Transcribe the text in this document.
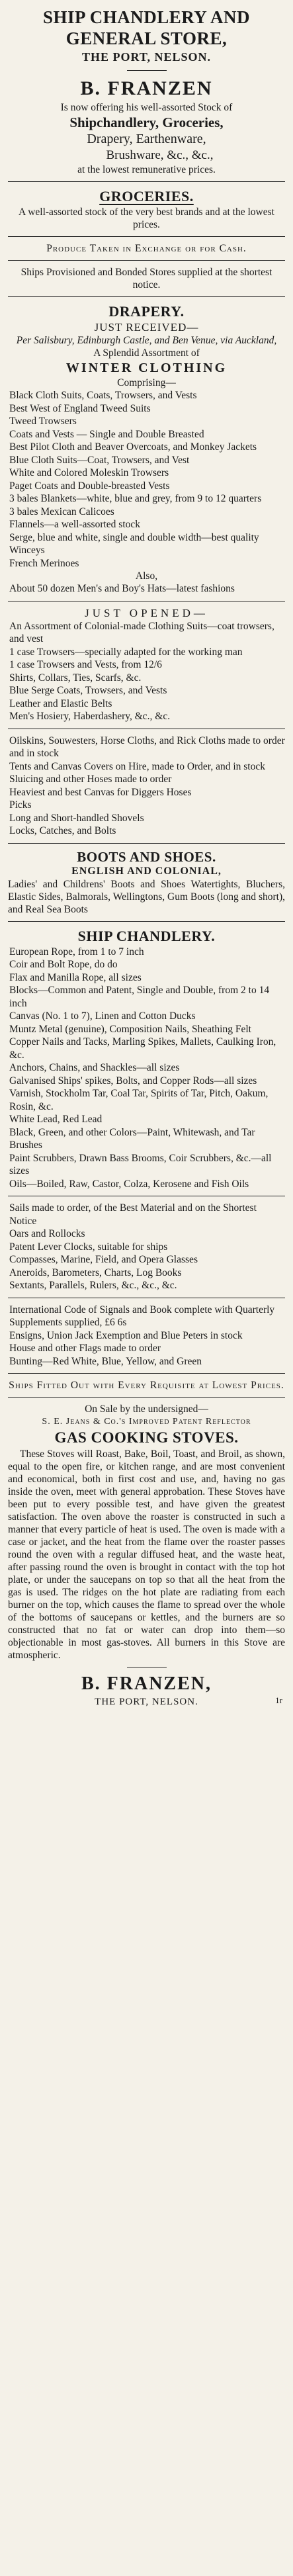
SHIP CHANDLERY AND
GENERAL STORE,
THE PORT, NELSON.
B. FRANZEN
Is now offering his well-assorted Stock of
Shipchandlery, Groceries,
Drapery, Earthenware,
Brushware, &c., &c.,
at the lowest remunerative prices.
GROCERIES.
A well-assorted stock of the very best brands and at the lowest prices.
Produce Taken in Exchange or for Cash.
Ships Provisioned and Bonded Stores supplied at the shortest notice.
DRAPERY.
JUST RECEIVED—
Per Salisbury, Edinburgh Castle, and Ben Venue, via Auckland,
A Splendid Assortment of
WINTER CLOTHING
Comprising—
Black Cloth Suits, Coats, Trowsers, and Vests
Best West of England Tweed Suits
Tweed Trowsers
Coats and Vests — Single and Double Breasted
Best Pilot Cloth and Beaver Overcoats, and Monkey Jackets
Blue Cloth Suits—Coat, Trowsers, and Vest
White and Colored Moleskin Trowsers
Paget Coats and Double-breasted Vests
3 bales Blankets—white, blue and grey, from 9 to 12 quarters
3 bales Mexican Calicoes
Flannels—a well-assorted stock
Serge, blue and white, single and double width—best quality
Winceys
French Merinoes
Also,
About 50 dozen Men's and Boy's Hats—latest fashions
JUST OPENED—
An Assortment of Colonial-made Clothing Suits—coat trowsers, and vest
1 case Trowsers—specially adapted for the working man
1 case Trowsers and Vests, from 12/6
Shirts, Collars, Ties, Scarfs, &c.
Blue Serge Coats, Trowsers, and Vests
Leather and Elastic Belts
Men's Hosiery, Haberdashery, &c., &c.
Oilskins, Souwesters, Horse Cloths, and Rick Cloths made to order and in stock
Tents and Canvas Covers on Hire, made to Order, and in stock
Sluicing and other Hoses made to order
Heaviest and best Canvas for Diggers Hoses
Picks
Long and Short-handled Shovels
Locks, Catches, and Bolts
BOOTS AND SHOES.
ENGLISH AND COLONIAL,
Ladies' and Childrens' Boots and Shoes Watertights, Bluchers, Elastic Sides, Balmorals, Wellingtons, Gum Boots (long and short), and Real Sea Boots
SHIP CHANDLERY.
European Rope, from 1 to 7 inch
Coir and Bolt Rope, do do
Flax and Manilla Rope, all sizes
Blocks—Common and Patent, Single and Double, from 2 to 14 inch
Canvas (No. 1 to 7), Linen and Cotton Ducks
Muntz Metal (genuine), Composition Nails, Sheathing Felt
Copper Nails and Tacks, Marling Spikes, Mallets, Caulking Iron, &c.
Anchors, Chains, and Shackles—all sizes
Galvanised Ships' spikes, Bolts, and Copper Rods—all sizes
Varnish, Stockholm Tar, Coal Tar, Spirits of Tar, Pitch, Oakum, Rosin, &c.
White Lead, Red Lead
Black, Green, and other Colors—Paint, Whitewash, and Tar Brushes
Paint Scrubbers, Drawn Bass Brooms, Coir Scrubbers, &c.—all sizes
Oils—Boiled, Raw, Castor, Colza, Kerosene and Fish Oils
Sails made to order, of the Best Material and on the Shortest Notice
Oars and Rollocks
Patent Lever Clocks, suitable for ships
Compasses, Marine, Field, and Opera Glasses
Aneroids, Barometers, Charts, Log Books
Sextants, Parallels, Rulers, &c., &c., &c.
International Code of Signals and Book complete with Quarterly Supplements supplied, £6 6s
Ensigns, Union Jack Exemption and Blue Peters in stock
House and other Flags made to order
Bunting—Red White, Blue, Yellow, and Green
Ships Fitted Out with Every Requisite at Lowest Prices.
On Sale by the undersigned—
S. E. Jeans & Co.'s Improved Patent Reflector
GAS COOKING STOVES.
These Stoves will Roast, Bake, Boil, Toast, and Broil, as shown, equal to the open fire, or kitchen range, and are most convenient and economical, both in first cost and use, and, having no gas inside the oven, meet with general approbation. These Stoves have been put to every possible test, and have given the greatest satisfaction. The oven above the roaster is constructed in such a manner that every particle of heat is used. The oven is made with a case or jacket, and the heat from the flame over the roaster passes round the oven with a regular diffused heat, and the waste heat, after passing round the oven is brought in contact with the top hot plate, or under the saucepans on top so that all the heat from the gas is used. The ridges on the hot plate are radiating from each burner on the top, which causes the flame to spread over the whole of the bottoms of saucepans or kettles, and the burners are so constructed that no fat or water can drop into them—so objectionable in most gas-stoves. All burners in this Stove are atmospheric.
B. FRANZEN,
THE PORT, NELSON.	1r
